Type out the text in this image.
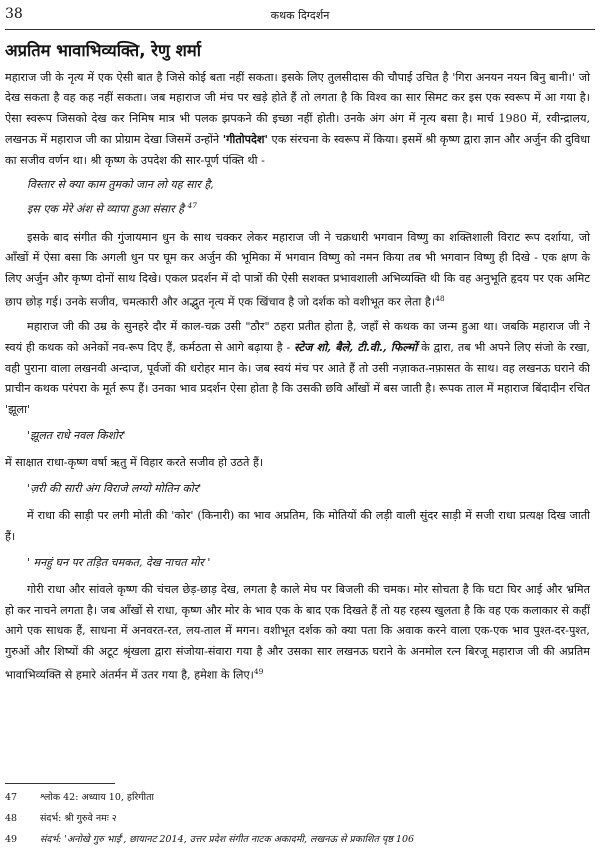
38	कथक दिग्दर्शन
अप्रतिम भावाभिव्यक्ति, रेणु शर्मा

महाराज जी के नृत्य में एक ऐसी बात है जिसे कोई बता नहीं सकता। इसके लिए तुलसीदास की चौपाई उचित है 'गिरा अनयन नयन बिनु बानी।' जो देख सकता है वह कह नहीं सकता। जब महाराज जी मंच पर खड़े होते हैं तो लगता है कि विश्व का सार सिमट कर इस एक स्वरूप में आ गया है। ऐसा स्वरूप जिसको देख कर निमिष मात्र भी पलक झपकने की इच्छा नहीं होती। उनके अंग अंग में नृत्य बसा है। मार्च 1980 में, रवीन्द्रालय, लखनऊ में महाराज जी का प्रोग्राम देखा जिसमें उन्होंने 'गीतोपदेश' एक संरचना के स्वरूप में किया। इसमें श्री कृष्ण द्वारा ज्ञान और अर्जुन की दुविधा का सजीव वर्णन था। श्री कृष्ण के उपदेश की सार-पूर्ण पंक्ति थी -

विस्तार से क्या काम तुमको जान लो यह सार है,
इस एक मेरे अंश से व्यापा हुआ संसार है $^{47}$

इसके बाद संगीत की गुंजायमान धुन के साथ चक्कर लेकर महाराज जी ने चक्रधारी भगवान विष्णु का शक्तिशाली विराट रूप दर्शाया, जो आँखों में ऐसा बसा कि अगली धुन पर घूम कर अर्जुन की भूमिका में भगवान विष्णु को नमन किया तब भी भगवान विष्णु ही दिखे - एक क्षण के लिए अर्जुन और कृष्ण दोनों साथ दिखे। एकल प्रदर्शन में दो पात्रों की ऐसी सशक्त प्रभावशाली अभिव्यक्ति थी कि वह अनुभूति हृदय पर एक अमिट छाप छोड़ गई। उनके सजीव, चमत्कारी और अद्भुत नृत्य में एक खिंचाव है जो दर्शक को वशीभूत कर लेता है।$^{48}$

महाराज जी की उम्र के सुनहरे दौर में काल-चक्र उसी "ठौर" ठहरा प्रतीत होता है, जहाँ से कथक का जन्म हुआ था। जबकि महाराज जी ने स्वयं ही कथक को अनेकों नव-रूप दिए हैं, कर्मठता से आगे बढ़ाया है - स्टेज शो, बैले, टी.वी., फिल्मों के द्वारा, तब भी अपने लिए संजो के रखा, वही पुराना वाला लखनवी अन्दाज, पूर्वजों की धरोहर मान के। जब स्वयं मंच पर आते हैं तो उसी नज़ाकत-नफ़ासत के साथ। वह लखनऊ घराने की प्राचीन कथक परंपरा के मूर्त रूप हैं। उनका भाव प्रदर्शन ऐसा होता है कि उसकी छवि आँखों में बस जाती है। रूपक ताल में महाराज बिंदादीन रचित 'झूला'

'झूलत राधे नवल किशोर'

में साक्षात राधा-कृष्ण वर्षा ऋतु में विहार करते सजीव हो उठते हैं।

'ज़री की सारी अंग विराजे लग्यो मोतिन कोर'

में राधा की साड़ी पर लगी मोती की 'कोर' (किनारी) का भाव अप्रतिम, कि मोतियों की लड़ी वाली सुंदर साड़ी में सजी राधा प्रत्यक्ष दिख जाती हैं।

' मनहुं घन पर तड़ित चमकत, देख नाचत मोर '

गोरी राधा और सांवले कृष्ण की चंचल छेड़-छाड़ देख, लगता है काले मेघ पर बिजली की चमक। मोर सोचता है कि घटा घिर आई और भ्रमित हो कर नाचने लगता है। जब आँखों से राधा, कृष्ण और मोर के भाव एक के बाद एक दिखते हैं तो यह रहस्य खुलता है कि वह एक कलाकार से कहीं आगे एक साधक हैं, साधना में अनवरत-रत, लय-ताल में मगन। वशीभूत दर्शक को क्या पता कि अवाक करने वाला एक-एक भाव पुश्त-दर-पुश्त, गुरुओं और शिष्यों की अटूट श्रृंखला द्वारा संजोया-संवारा गया है और उसका सार लखनऊ घराने के अनमोल रत्न बिरजू महाराज जी की अप्रतिम भावाभिव्यक्ति से हमारे अंतर्मन में उतर गया है, हमेशा के लिए।$^{49}$

47	श्लोक 42: अध्याय 10, हरिगीता
48	संदर्भ: श्री गुरुवे नमः २
49	संदर्भ: 'अनोखे गुरु भाई', छायानट 2014, उत्तर प्रदेश संगीत नाटक अकादमी, लखनऊ से प्रकाशित पृष्ठ 106
